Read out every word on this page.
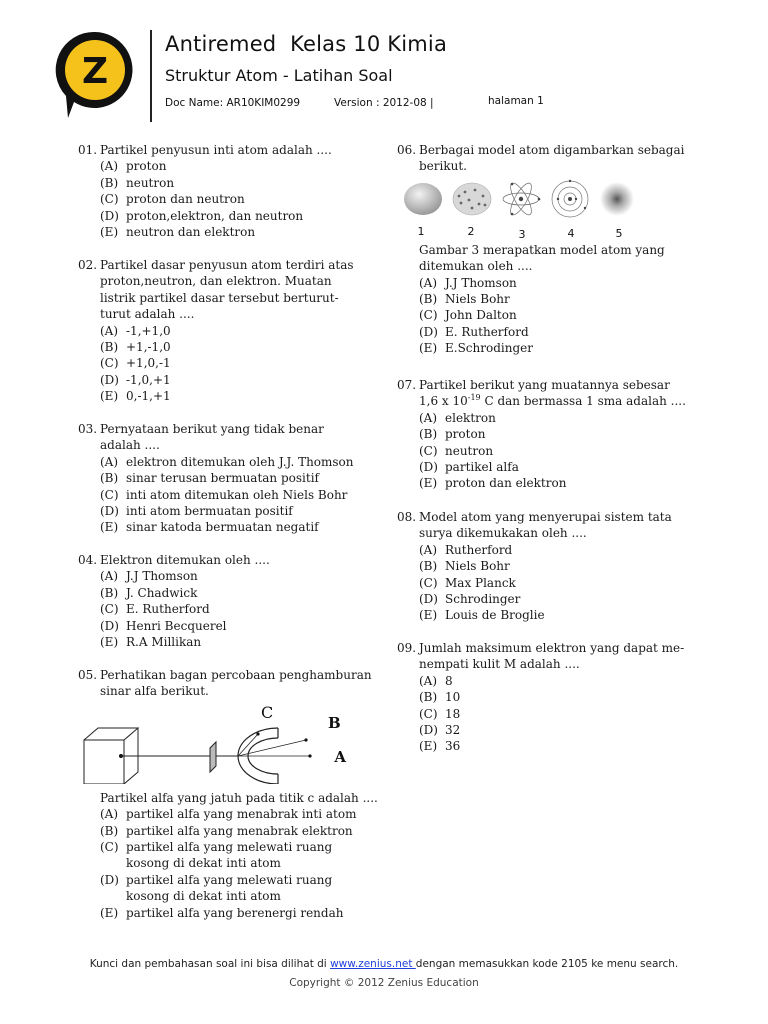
Z
Antiremed  Kelas 10 Kimia
Struktur Atom - Latihan Soal
Doc Name: AR10KIM0299	Version : 2012-08 |	halaman 1
01. Partikel penyusun inti atom adalah ....
(A) proton
(B) neutron
(C) proton dan neutron
(D) proton,elektron, dan neutron
(E) neutron dan elektron
02. Partikel dasar penyusun atom terdiri atas proton,neutron, dan elektron. Muatan listrik partikel dasar tersebut berturut-turut adalah ....
(A) -1,+1,0
(B) +1,-1,0
(C) +1,0,-1
(D) -1,0,+1
(E) 0,-1,+1
03. Pernyataan berikut yang tidak benar adalah ....
(A) elektron ditemukan oleh J.J. Thomson
(B) sinar terusan bermuatan positif
(C) inti atom ditemukan oleh Niels Bohr
(D) inti atom bermuatan positif
(E) sinar katoda bermuatan negatif
04. Elektron ditemukan oleh ....
(A) J.J Thomson
(B) J. Chadwick
(C) E. Rutherford
(D) Henri Becquerel
(E) R.A Millikan
05. Perhatikan bagan percobaan penghamburan sinar alfa berikut.
C
B
A
Partikel alfa yang jatuh pada titik c adalah ....
(A) partikel alfa yang menabrak inti atom
(B) partikel alfa yang menabrak elektron
(C) partikel alfa yang melewati ruang kosong di dekat inti atom
(D) partikel alfa yang melewati ruang kosong di dekat inti atom
(E) partikel alfa yang berenergi rendah
06. Berbagai model atom digambarkan sebagai berikut.
1	2	3	4	5
Gambar 3 merapatkan model atom yang ditemukan oleh ....
(A) J.J Thomson
(B) Niels Bohr
(C) John Dalton
(D) E. Rutherford
(E) E.Schrodinger
07. Partikel berikut yang muatannya sebesar 1,6 x $10^{-19}$ C dan bermassa 1 sma adalah ....
(A) elektron
(B) proton
(C) neutron
(D) partikel alfa
(E) proton dan elektron
08. Model atom yang menyerupai sistem tata surya dikemukakan oleh ....
(A) Rutherford
(B) Niels Bohr
(C) Max Planck
(D) Schrodinger
(E) Louis de Broglie
09. Jumlah maksimum elektron yang dapat me-nempati kulit M adalah ....
(A) 8
(B) 10
(C) 18
(D) 32
(E) 36
Kunci dan pembahasan soal ini bisa dilihat di www.zenius.net dengan memasukkan kode 2105 ke menu search.
Copyright © 2012 Zenius Education
